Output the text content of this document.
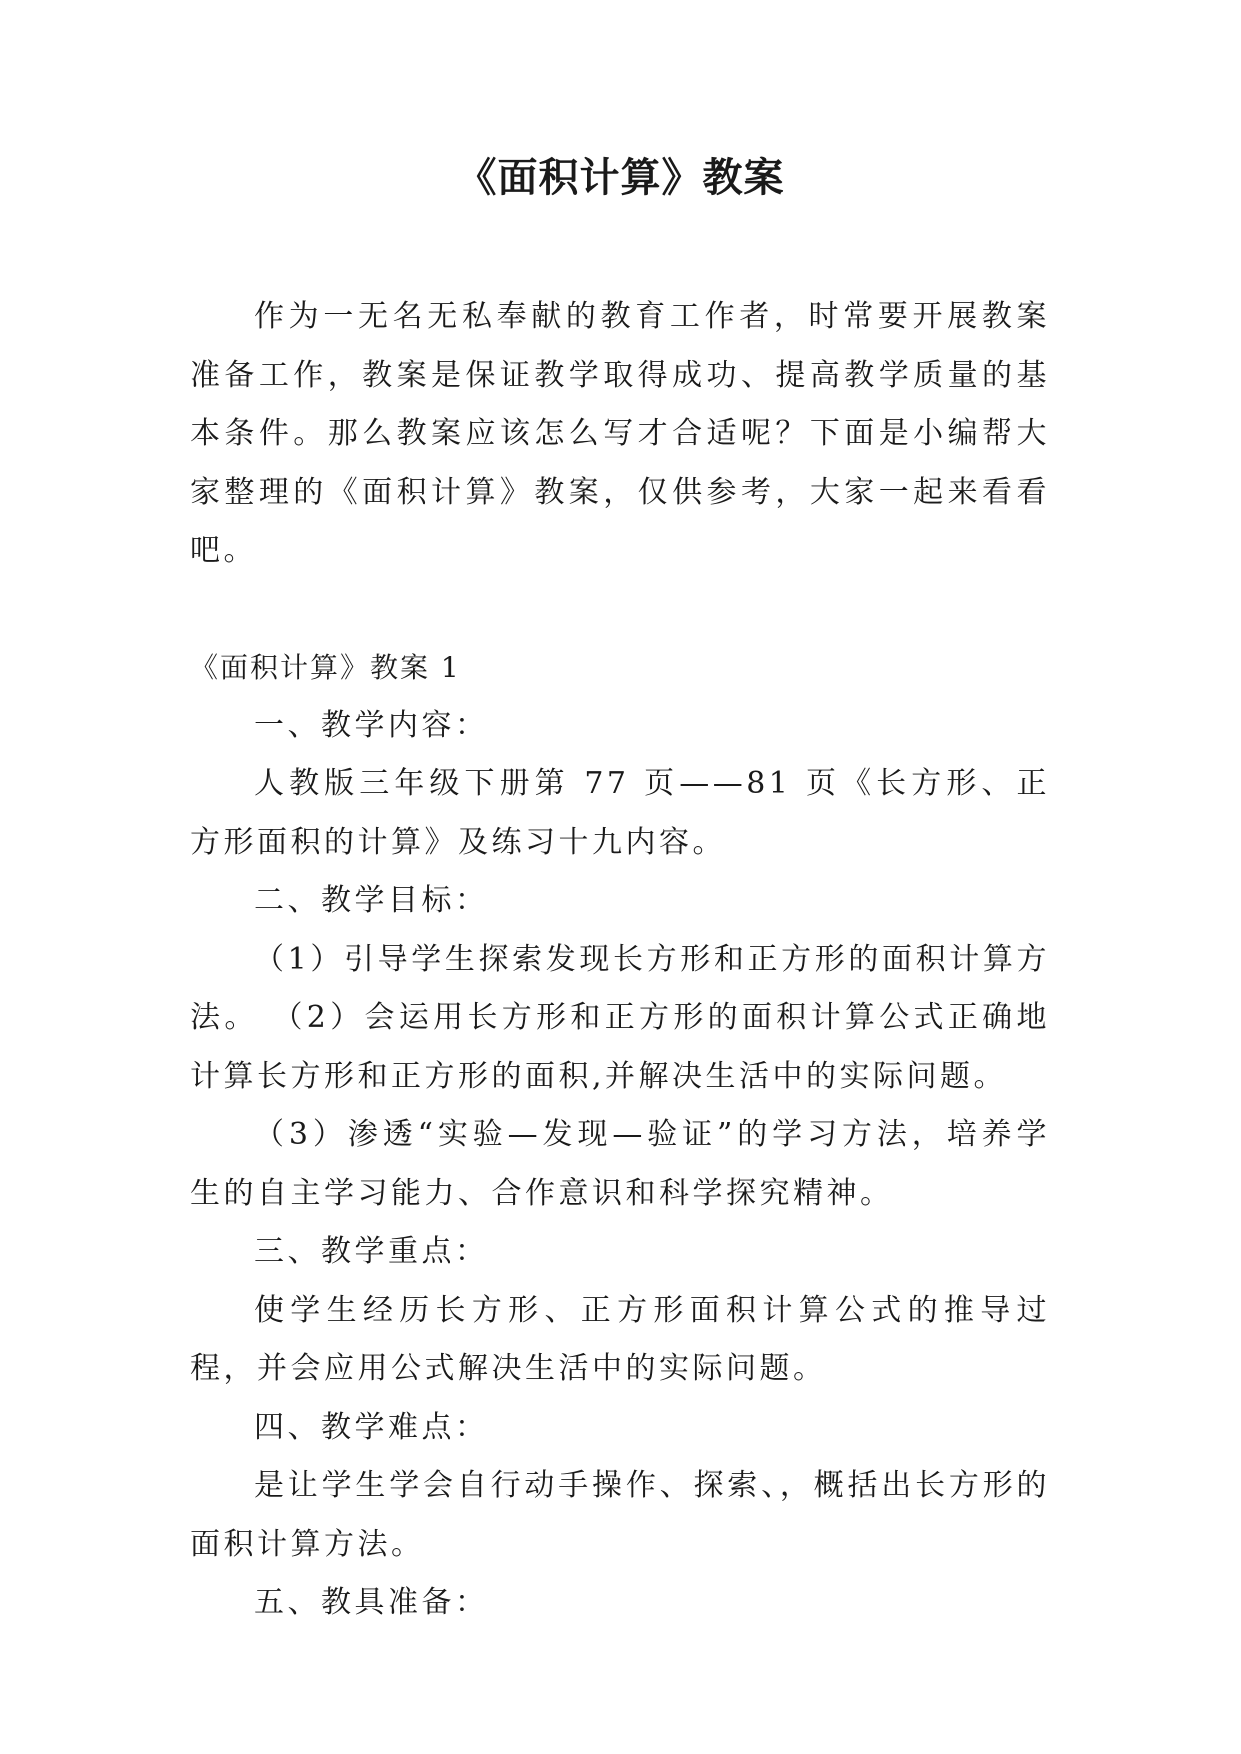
《面积计算》教案

作为一无名无私奉献的教育工作者，时常要开展教案准备工作，教案是保证教学取得成功、提高教学质量的基本条件。那么教案应该怎么写才合适呢？下面是小编帮大家整理的《面积计算》教案，仅供参考，大家一起来看看吧。

《面积计算》教案 1

一、教学内容：

人教版三年级下册第 77 页——81 页《长方形、正方形面积的计算》及练习十九内容。

二、教学目标：

（1）引导学生探索发现长方形和正方形的面积计算方法。 （2）会运用长方形和正方形的面积计算公式正确地计算长方形和正方形的面积,并解决生活中的实际问题。

（3）渗透“实验—发现—验证”的学习方法，培养学生的自主学习能力、合作意识和科学探究精神。

三、教学重点：

使学生经历长方形、正方形面积计算公式的推导过程，并会应用公式解决生活中的实际问题。

四、教学难点：

是让学生学会自行动手操作、探索、，概括出长方形的面积计算方法。

五、教具准备：
